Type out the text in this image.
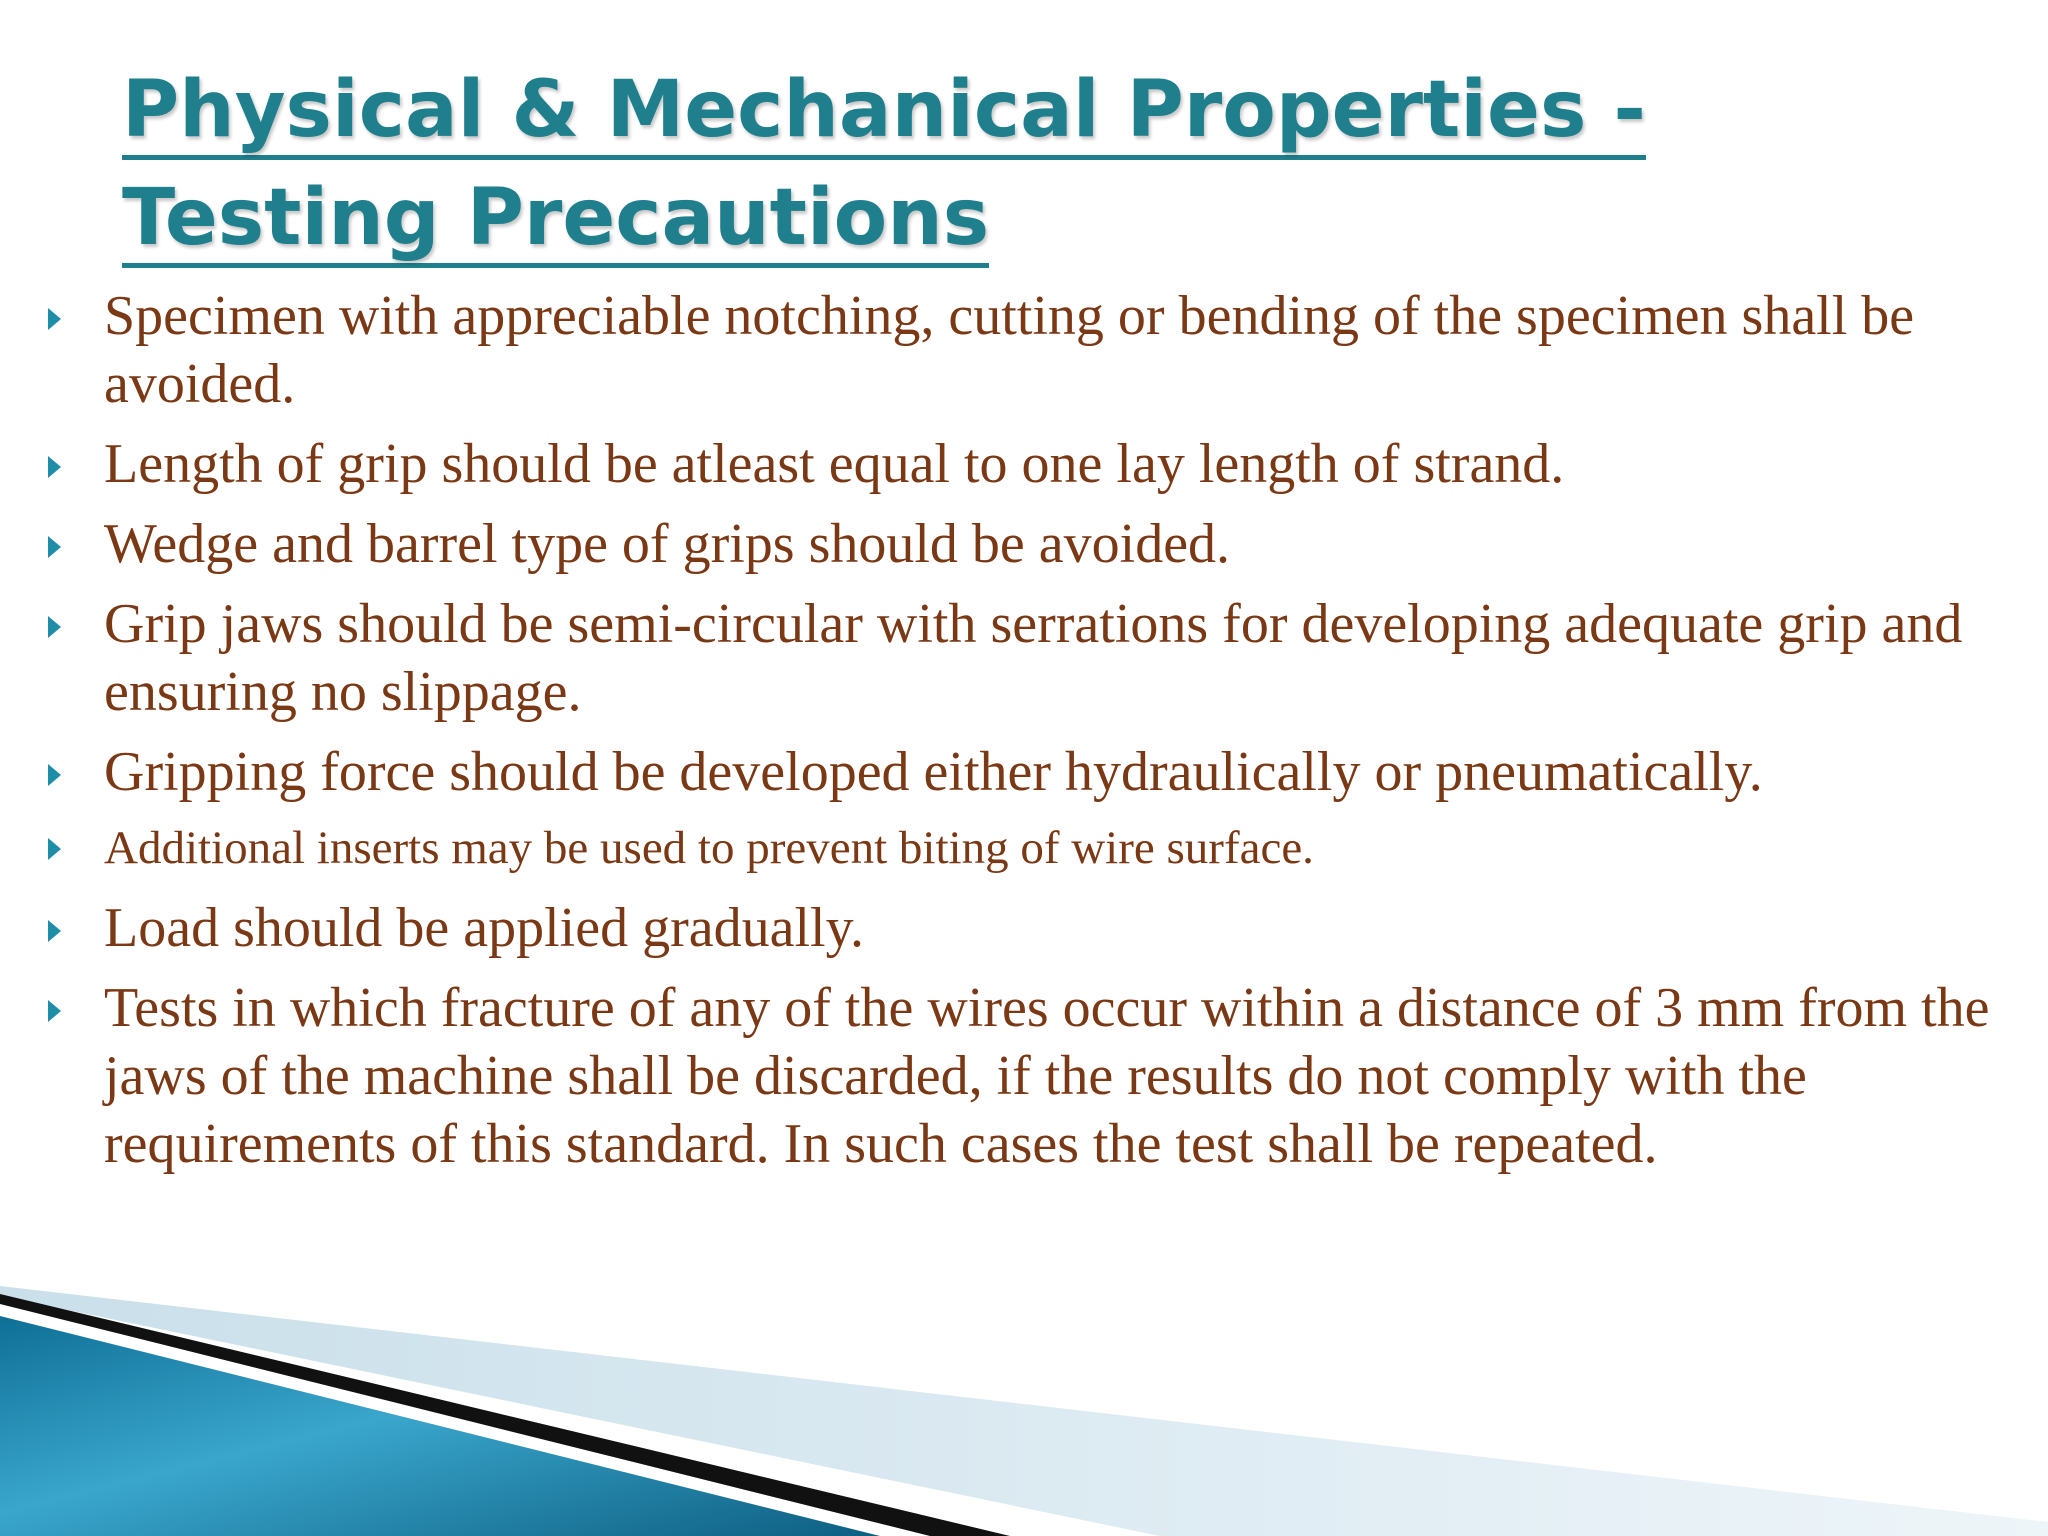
Physical & Mechanical Properties -
Testing Precautions
Specimen with appreciable notching, cutting or bending of the specimen shall be avoided.
Length of grip should be atleast equal to one lay length of strand.
Wedge and barrel type of grips should be avoided.
Grip jaws should be semi-circular with serrations for developing adequate grip and ensuring no slippage.
Gripping force should be developed either hydraulically or pneumatically.
Additional inserts may be used to prevent biting of wire surface.
Load should be applied gradually.
Tests in which fracture of any of the wires occur within a distance of 3 mm from the jaws of the machine shall be discarded, if the results do not comply with the requirements of this standard. In such cases the test shall be repeated.
